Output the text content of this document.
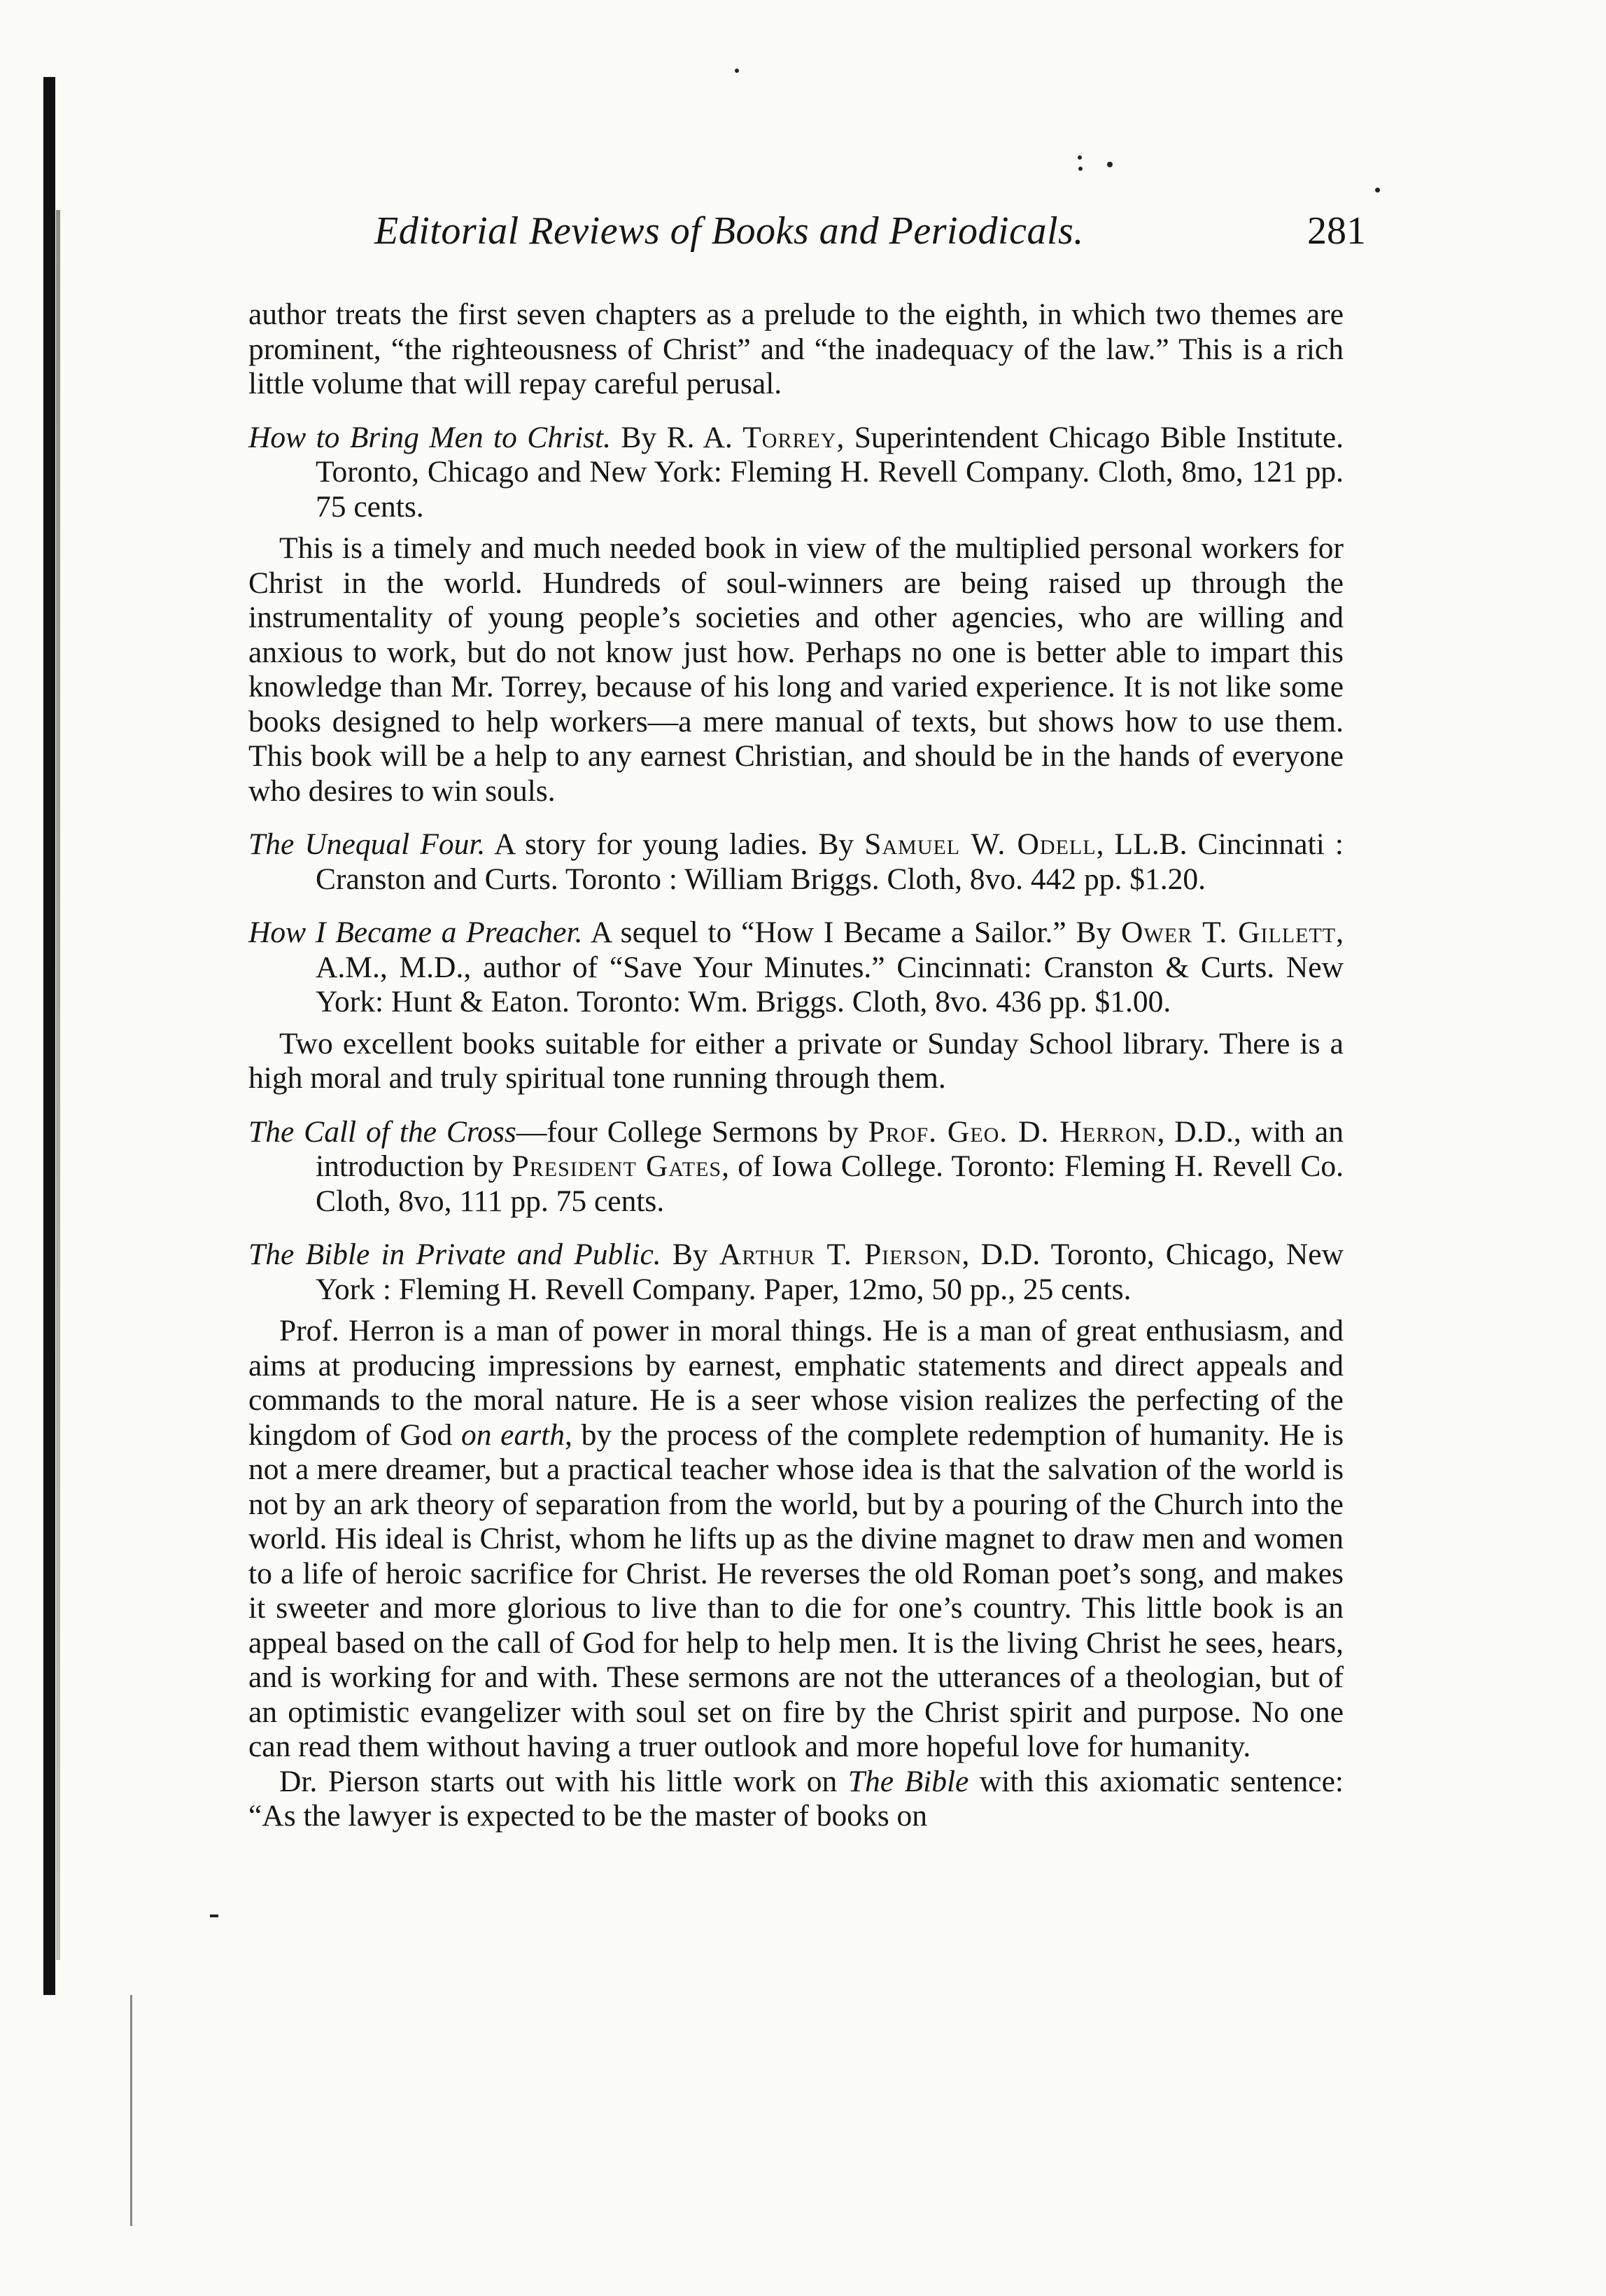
Editorial Reviews of Books and Periodicals.	281

author treats the first seven chapters as a prelude to the eighth, in which two themes are prominent, “the righteousness of Christ” and “the inadequacy of the law.” This is a rich little volume that will repay careful perusal.

How to Bring Men to Christ. By R. A. Torrey, Superintendent Chicago Bible Institute. Toronto, Chicago and New York: Fleming H. Revell Company. Cloth, 8mo, 121 pp. 75 cents.

This is a timely and much needed book in view of the multiplied personal workers for Christ in the world. Hundreds of soul-winners are being raised up through the instrumentality of young people’s societies and other agencies, who are willing and anxious to work, but do not know just how. Perhaps no one is better able to impart this knowledge than Mr. Torrey, because of his long and varied experience. It is not like some books designed to help workers—a mere manual of texts, but shows how to use them. This book will be a help to any earnest Christian, and should be in the hands of everyone who desires to win souls.

The Unequal Four. A story for young ladies. By Samuel W. Odell, LL.B. Cincinnati : Cranston and Curts. Toronto : William Briggs. Cloth, 8vo. 442 pp. $1.20.

How I Became a Preacher. A sequel to “How I Became a Sailor.” By Ower T. Gillett, A.M., M.D., author of “Save Your Minutes.” Cincinnati: Cranston & Curts. New York: Hunt & Eaton. Toronto: Wm. Briggs. Cloth, 8vo. 436 pp. $1.00.

Two excellent books suitable for either a private or Sunday School library. There is a high moral and truly spiritual tone running through them.

The Call of the Cross—four College Sermons by Prof. Geo. D. Herron, D.D., with an introduction by President Gates, of Iowa College. Toronto: Fleming H. Revell Co. Cloth, 8vo, 111 pp. 75 cents.

The Bible in Private and Public. By Arthur T. Pierson, D.D. Toronto, Chicago, New York : Fleming H. Revell Company. Paper, 12mo, 50 pp., 25 cents.

Prof. Herron is a man of power in moral things. He is a man of great enthusiasm, and aims at producing impressions by earnest, emphatic statements and direct appeals and commands to the moral nature. He is a seer whose vision realizes the perfecting of the kingdom of God on earth, by the process of the complete redemption of humanity. He is not a mere dreamer, but a practical teacher whose idea is that the salvation of the world is not by an ark theory of separation from the world, but by a pouring of the Church into the world. His ideal is Christ, whom he lifts up as the divine magnet to draw men and women to a life of heroic sacrifice for Christ. He reverses the old Roman poet’s song, and makes it sweeter and more glorious to live than to die for one’s country. This little book is an appeal based on the call of God for help to help men. It is the living Christ he sees, hears, and is working for and with. These sermons are not the utterances of a theologian, but of an optimistic evangelizer with soul set on fire by the Christ spirit and purpose. No one can read them without having a truer outlook and more hopeful love for humanity.

Dr. Pierson starts out with his little work on The Bible with this axiomatic sentence: “As the lawyer is expected to be the master of books on
